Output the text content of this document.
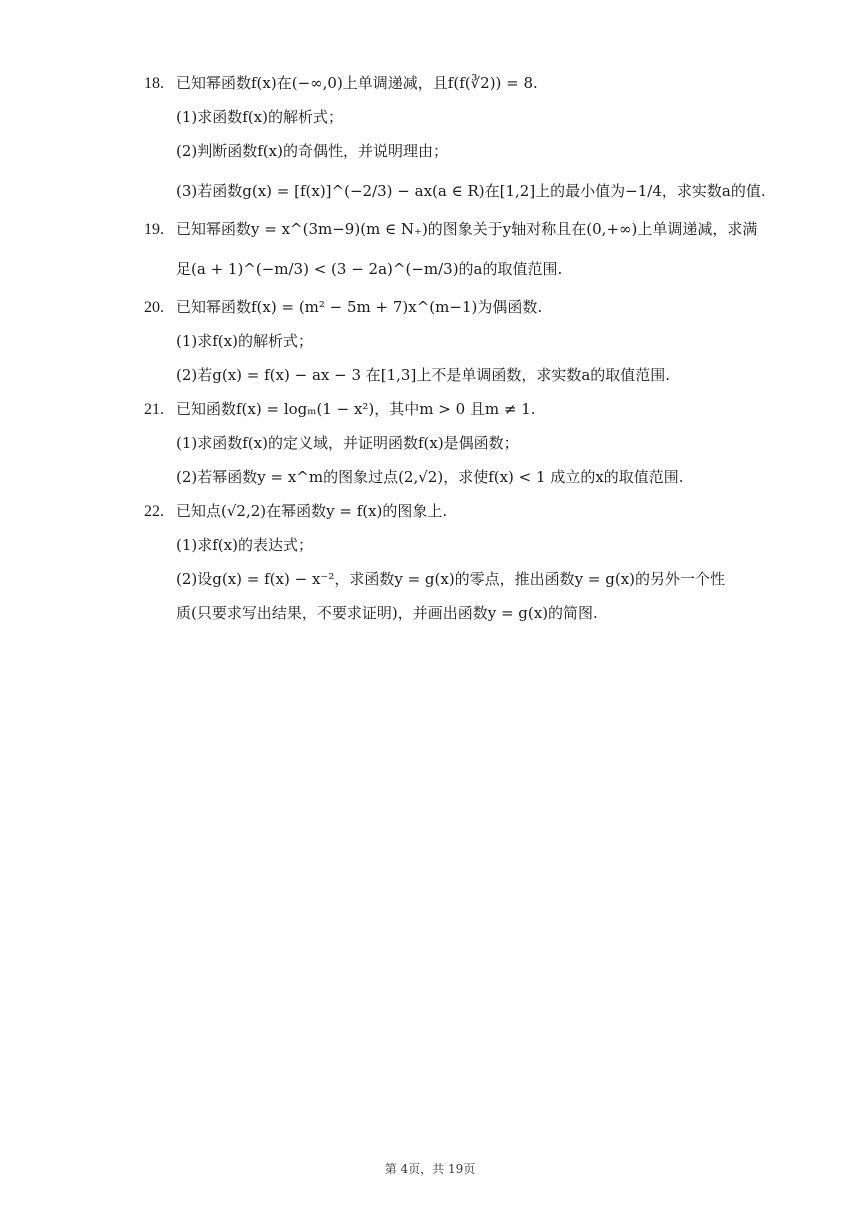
18. 已知幂函数f(x)在(−∞,0)上单调递减，且f(f(∛2)) = 8.
(1)求函数f(x)的解析式；
(2)判断函数f(x)的奇偶性，并说明理由；
(3)若函数g(x) = [f(x)]^(−2/3) − ax(a ∈ R)在[1,2]上的最小值为−1/4，求实数a的值.
19. 已知幂函数y = x^(3m−9)(m ∈ N₊)的图象关于y轴对称且在(0,+∞)上单调递减，求满
足(a + 1)^(−m/3) < (3 − 2a)^(−m/3)的a的取值范围.
20. 已知幂函数f(x) = (m² − 5m + 7)x^(m−1)为偶函数.
(1)求f(x)的解析式；
(2)若g(x) = f(x) − ax − 3 在[1,3]上不是单调函数，求实数a的取值范围.
21. 已知函数f(x) = logₘ(1 − x²)，其中m > 0 且m ≠ 1.
(1)求函数f(x)的定义域，并证明函数f(x)是偶函数；
(2)若幂函数y = x^m的图象过点(2,√2)，求使f(x) < 1 成立的x的取值范围.
22. 已知点(√2,2)在幂函数y = f(x)的图象上.
(1)求f(x)的表达式；
(2)设g(x) = f(x) − x⁻²，求函数y = g(x)的零点，推出函数y = g(x)的另外一个性
质(只要求写出结果，不要求证明)，并画出函数y = g(x)的简图.
第 4页，共 19页
